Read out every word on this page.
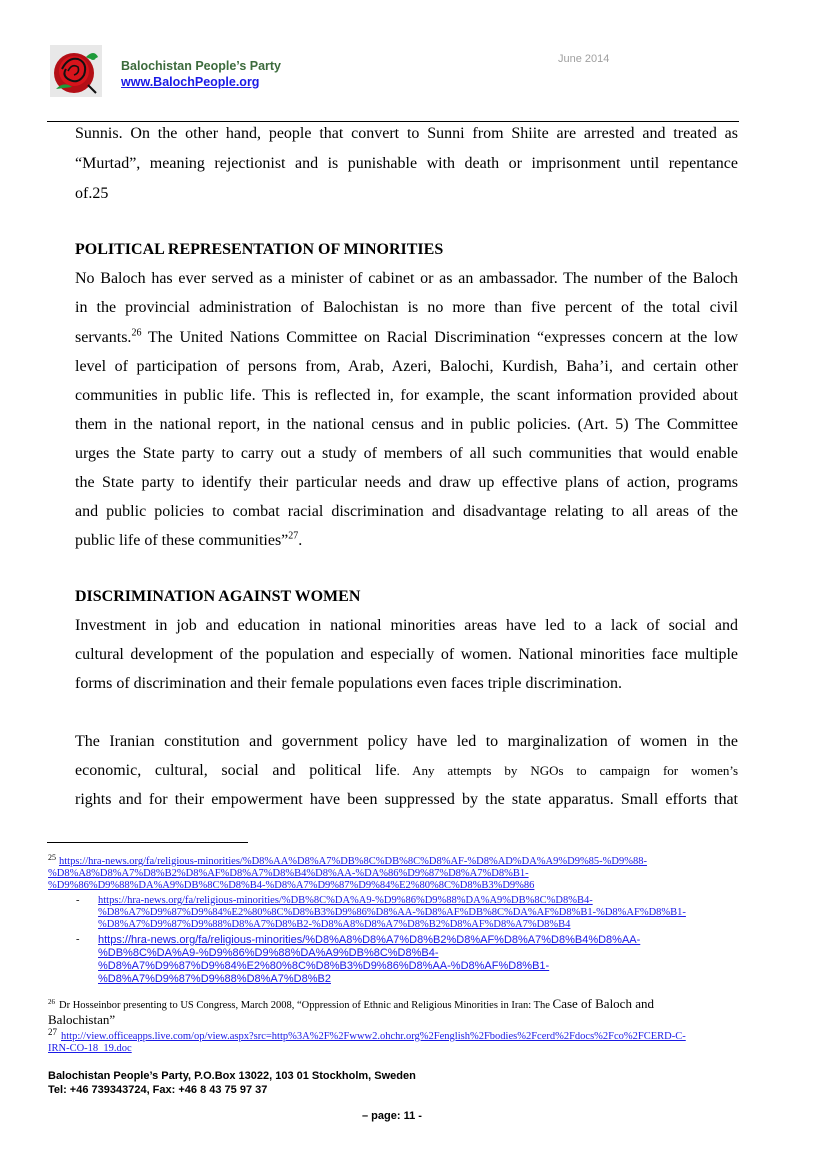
Balochistan People’s Party
www.BalochPeople.org
June 2014
Sunnis. On the other hand, people that convert to Sunni from Shiite are arrested and treated as
“Murtad”, meaning rejectionist and is punishable with death or imprisonment until repentance
of.25
POLITICAL REPRESENTATION OF MINORITIES
No Baloch has ever served as a minister of cabinet or as an ambassador. The number of the Baloch
in the provincial administration of Balochistan is no more than five percent of the total civil
servants.$^{26}$ The United Nations Committee on Racial Discrimination “expresses concern at the low
level of participation of persons from, Arab, Azeri, Balochi, Kurdish, Baha’i, and certain other
communities in public life. This is reflected in, for example, the scant information provided about
them in the national report, in the national census and in public policies. (Art. 5) The Committee
urges the State party to carry out a study of members of all such communities that would enable
the State party to identify their particular needs and draw up effective plans of action, programs
and public policies to combat racial discrimination and disadvantage relating to all areas of the
public life of these communities”$^{27}$.
DISCRIMINATION AGAINST WOMEN
Investment in job and education in national minorities areas have led to a lack of social and
cultural development of the population and especially of women. National minorities face multiple
forms of discrimination and their female populations even faces triple discrimination.
The Iranian constitution and government policy have led to marginalization of women in the
economic, cultural, social and political life. Any attempts by NGOs to campaign for women’s
rights and for their empowerment have been suppressed by the state apparatus. Small efforts that
25 https://hra-news.org/fa/religious-minorities/%D8%AA%D8%A7%DB%8C%DB%8C%D8%AF-%D8%AD%DA%A9%D9%85-%D9%88-
%D8%A8%D8%A7%D8%B2%D8%AF%D8%A7%D8%B4%D8%AA-%DA%86%D9%87%D8%A7%D8%B1-
%D9%86%D9%88%DA%A9%DB%8C%D8%B4-%D8%A7%D9%87%D9%84%E2%80%8C%D8%B3%D9%86
- https://hra-news.org/fa/religious-minorities/%DB%8C%DA%A9-%D9%86%D9%88%DA%A9%DB%8C%D8%B4-
%D8%A7%D9%87%D9%84%E2%80%8C%D8%B3%D9%86%D8%AA-%D8%AF%DB%8C%DA%AF%D8%B1-%D8%AF%D8%B1-
%D8%A7%D9%87%D9%88%D8%A7%D8%B2-%D8%A8%D8%A7%D8%B2%D8%AF%D8%A7%D8%B4
- https://hra-news.org/fa/religious-minorities/%D8%A8%D8%A7%D8%B2%D8%AF%D8%A7%D8%B4%D8%AA-
%DB%8C%DA%A9-%D9%86%D9%88%DA%A9%DB%8C%D8%B4-
%D8%A7%D9%87%D9%84%E2%80%8C%D8%B3%D9%86%D8%AA-%D8%AF%D8%B1-
%D8%A7%D9%87%D9%88%D8%A7%D8%B2
26 Dr Hosseinbor presenting to US Congress, March 2008, “Oppression of Ethnic and Religious Minorities in Iran: The Case of Baloch and
Balochistan”
27 http://view.officeapps.live.com/op/view.aspx?src=http%3A%2F%2Fwww2.ohchr.org%2Fenglish%2Fbodies%2Fcerd%2Fdocs%2Fco%2FCERD-C-
IRN-CO-18_19.doc
Balochistan People’s Party, P.O.Box 13022, 103 01 Stockholm, Sweden
Tel: +46 739343724, Fax: +46 8 43 75 97 37
– page: 11 -
